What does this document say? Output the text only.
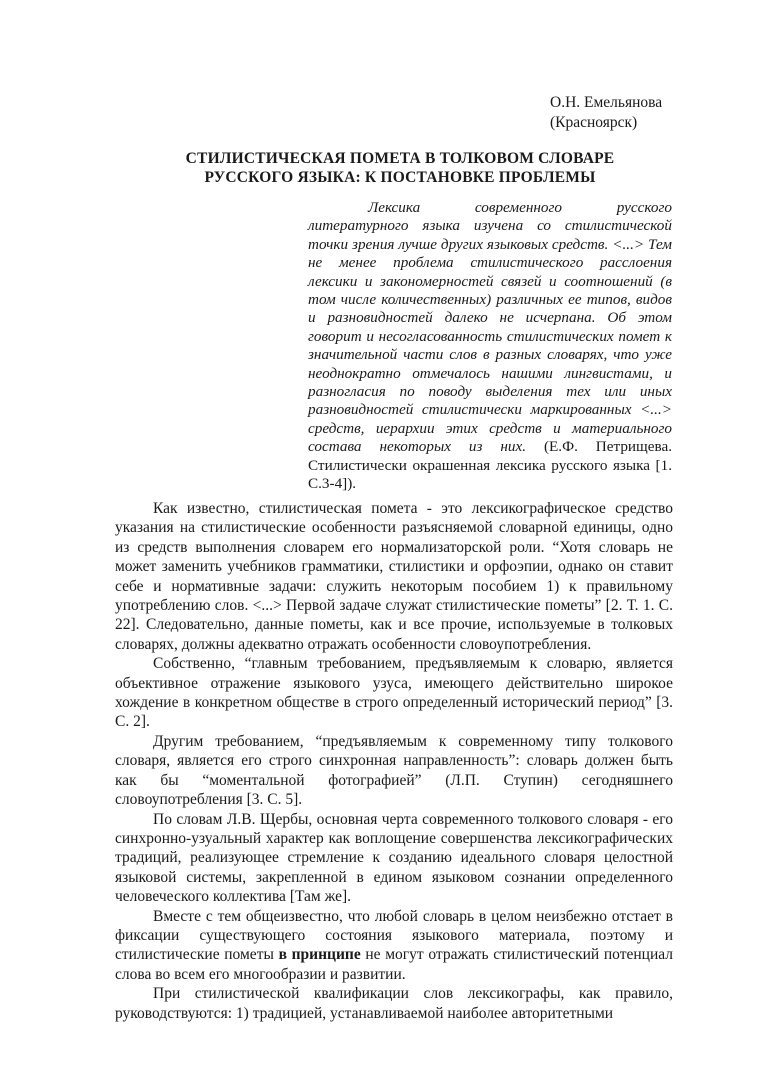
О.Н. Емельянова
(Красноярск)
СТИЛИСТИЧЕСКАЯ ПОМЕТА В ТОЛКОВОМ СЛОВАРЕ
РУССКОГО ЯЗЫКА: К ПОСТАНОВКЕ ПРОБЛЕМЫ

Лексика современного русского литературного языка изучена со стилистической точки зрения лучше других языковых средств. <...> Тем не менее проблема стилистического расслоения лексики и закономерностей связей и соотношений (в том числе количественных) различных ее типов, видов и разновидностей далеко не исчерпана. Об этом говорит и несогласованность стилистических помет к значительной части слов в разных словарях, что уже неоднократно отмечалось нашими лингвистами, и разногласия по поводу выделения тех или иных разновидностей стилистически маркированных <...> средств, иерархии этих средств и материального состава некоторых из них. (Е.Ф. Петрищева. Стилистически окрашенная лексика русского языка [1. С.3-4]).

Как известно, стилистическая помета - это лексикографическое средство указания на стилистические особенности разъясняемой словарной единицы, одно из средств выполнения словарем его нормализаторской роли. “Хотя словарь не может заменить учебников грамматики, стилистики и орфоэпии, однако он ставит себе и нормативные задачи: служить некоторым пособием 1) к правильному употреблению слов. <...> Первой задаче служат стилистические пометы” [2. Т. 1. С. 22]. Следовательно, данные пометы, как и все прочие, используемые в толковых словарях, должны адекватно отражать особенности словоупотребления.

Собственно, “главным требованием, предъявляемым к словарю, является объективное отражение языкового узуса, имеющего действительно широкое хождение в конкретном обществе в строго определенный исторический период” [3. С. 2].

Другим требованием, “предъявляемым к современному типу толкового словаря, является его строго синхронная направленность”: словарь должен быть как бы “моментальной фотографией” (Л.П. Ступин) сегодняшнего словоупотребления [3. С. 5].

По словам Л.В. Щербы, основная черта современного толкового словаря - его синхронно-узуальный характер как воплощение совершенства лексикографических традиций, реализующее стремление к созданию идеального словаря целостной языковой системы, закрепленной в едином языковом сознании определенного человеческого коллектива [Там же].

Вместе с тем общеизвестно, что любой словарь в целом неизбежно отстает в фиксации существующего состояния языкового материала, поэтому и стилистические пометы в принципе не могут отражать стилистический потенциал слова во всем его многообразии и развитии.

При стилистической квалификации слов лексикографы, как правило, руководствуются: 1) традицией, устанавливаемой наиболее авторитетными
